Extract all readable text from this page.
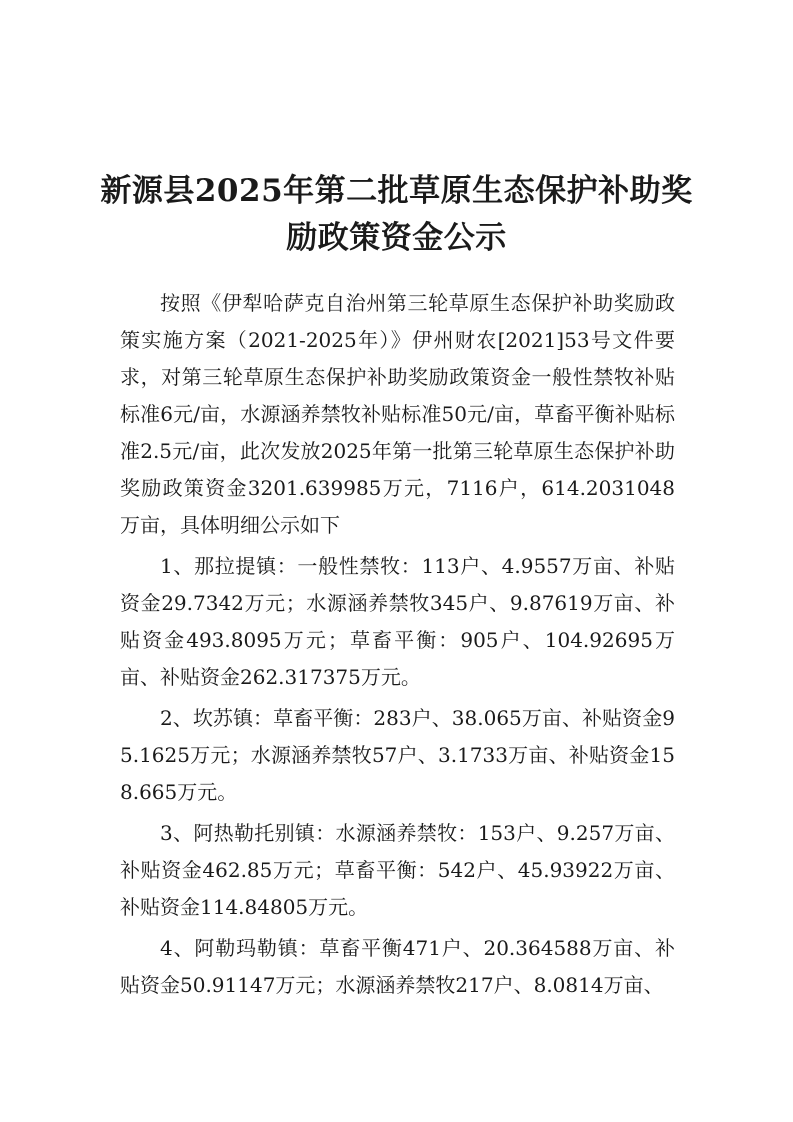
新源县2025年第二批草原生态保护补助奖
励政策资金公示

按照《伊犁哈萨克自治州第三轮草原生态保护补助奖励政策实施方案（2021-2025年）》伊州财农[2021]53号文件要求，对第三轮草原生态保护补助奖励政策资金一般性禁牧补贴标准6元/亩，水源涵养禁牧补贴标准50元/亩，草畜平衡补贴标准2.5元/亩，此次发放2025年第一批第三轮草原生态保护补助奖励政策资金3201.639985万元，7116户，614.2031048万亩，具体明细公示如下

1、那拉提镇：一般性禁牧：113户、4.9557万亩、补贴资金29.7342万元；水源涵养禁牧345户、9.87619万亩、补贴资金493.8095万元；草畜平衡：905户、104.92695万亩、补贴资金262.317375万元。

2、坎苏镇：草畜平衡：283户、38.065万亩、补贴资金95.1625万元；水源涵养禁牧57户、3.1733万亩、补贴资金158.665万元。

3、阿热勒托别镇：水源涵养禁牧：153户、9.257万亩、补贴资金462.85万元；草畜平衡：542户、45.93922万亩、补贴资金114.84805万元。

4、阿勒玛勒镇：草畜平衡471户、20.364588万亩、补贴资金50.91147万元；水源涵养禁牧217户、8.0814万亩、
